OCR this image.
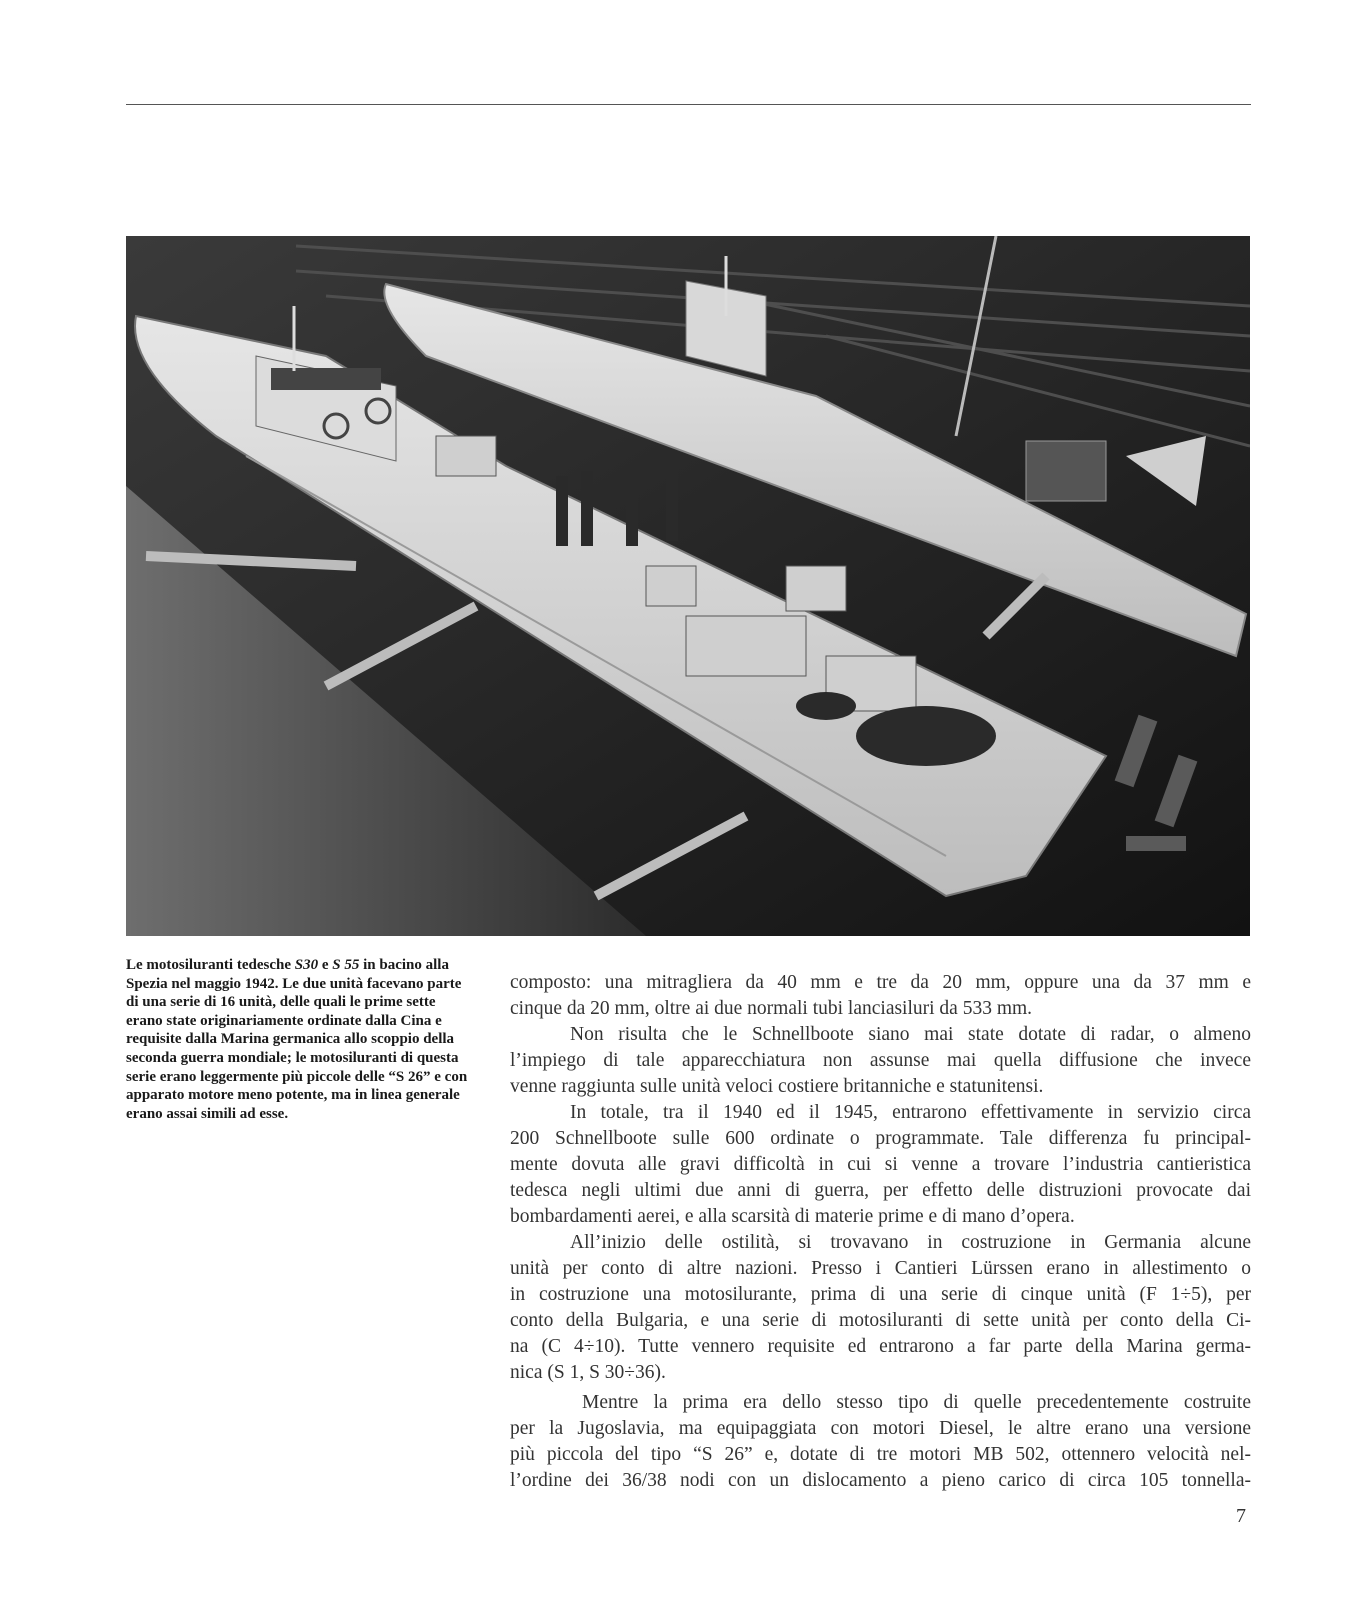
Le motosiluranti tedesche S30 e S 55 in bacino alla Spezia nel maggio 1942. Le due unità facevano parte di una serie di 16 unità, delle quali le prime sette erano state originariamente ordinate dalla Cina e requisite dalla Marina germanica allo scoppio della seconda guerra mondiale; le motosiluranti di questa serie erano leggermente più piccole delle “S 26” e con apparato motore meno potente, ma in linea generale erano assai simili ad esse.

composto: una mitragliera da 40 mm e tre da 20 mm, oppure una da 37 mm e
cinque da 20 mm, oltre ai due normali tubi lanciasiluri da 533 mm.

Non risulta che le Schnellboote siano mai state dotate di radar, o almeno
l’impiego di tale apparecchiatura non assunse mai quella diffusione che invece
venne raggiunta sulle unità veloci costiere britanniche e statunitensi.

In totale, tra il 1940 ed il 1945, entrarono effettivamente in servizio circa
200 Schnellboote sulle 600 ordinate o programmate. Tale differenza fu principal-
mente dovuta alle gravi difficoltà in cui si venne a trovare l’industria cantieristica
tedesca negli ultimi due anni di guerra, per effetto delle distruzioni provocate dai
bombardamenti aerei, e alla scarsità di materie prime e di mano d’opera.

All’inizio delle ostilità, si trovavano in costruzione in Germania alcune
unità per conto di altre nazioni. Presso i Cantieri Lürssen erano in allestimento o
in costruzione una motosilurante, prima di una serie di cinque unità (F 1÷5), per
conto della Bulgaria, e una serie di motosiluranti di sette unità per conto della Ci-
na (C 4÷10). Tutte vennero requisite ed entrarono a far parte della Marina germa-
nica (S 1, S 30÷36).

Mentre la prima era dello stesso tipo di quelle precedentemente costruite
per la Jugoslavia, ma equipaggiata con motori Diesel, le altre erano una versione
più piccola del tipo “S 26” e, dotate di tre motori MB 502, ottennero velocità nel-
l’ordine dei 36/38 nodi con un dislocamento a pieno carico di circa 105 tonnella-

7
